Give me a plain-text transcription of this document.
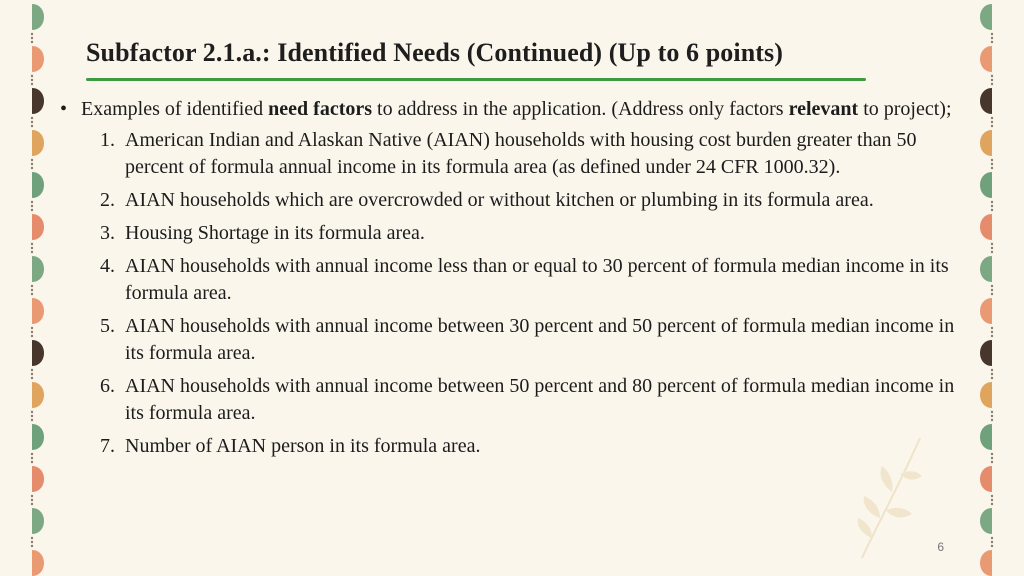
Subfactor 2.1.a.: Identified Needs (Continued) (Up to 6 points)
• Examples of identified need factors to address in the application. (Address only factors relevant to project);
1. American Indian and Alaskan Native (AIAN) households with housing cost burden greater than 50 percent of formula annual income in its formula area (as defined under 24 CFR 1000.32).
2. AIAN households which are overcrowded or without kitchen or plumbing in its formula area.
3. Housing Shortage in its formula area.
4. AIAN households with annual income less than or equal to 30 percent of formula median income in its formula area.
5. AIAN households with annual income between 30 percent and 50 percent of formula median income in its formula area.
6. AIAN households with annual income between 50 percent and 80 percent of formula median income in its formula area.
7. Number of AIAN person in its formula area.
6
